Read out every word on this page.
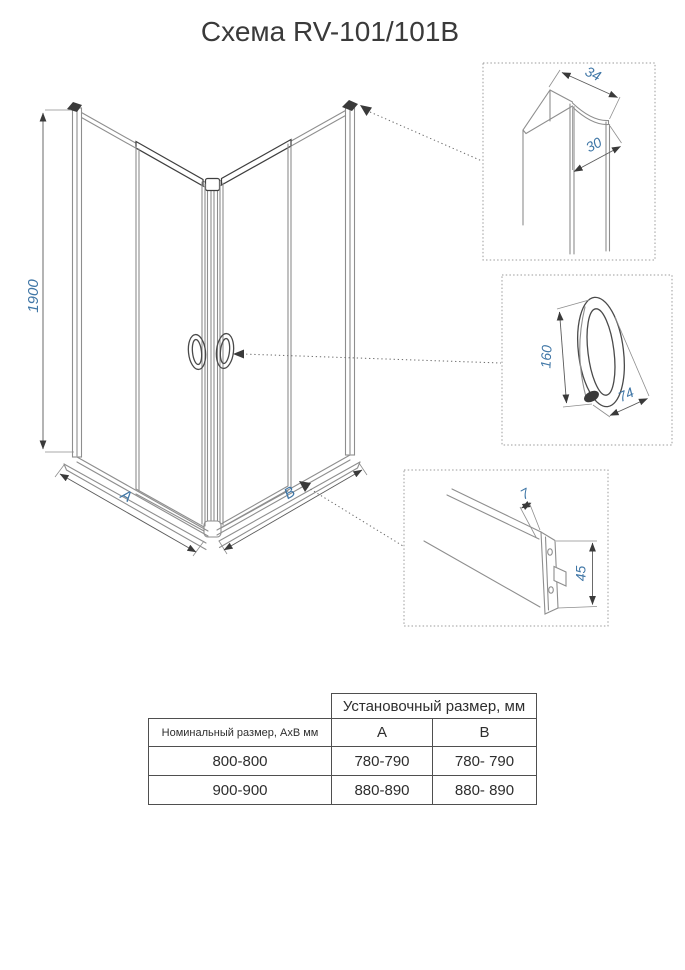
Схема RV-101/101B
1900
A	B
34
30
160
74
7
45
	Установочный размер, мм	
Номинальный размер, АхВ мм	А	В
800-800	780-790	780- 790
900-900	880-890	880- 890
